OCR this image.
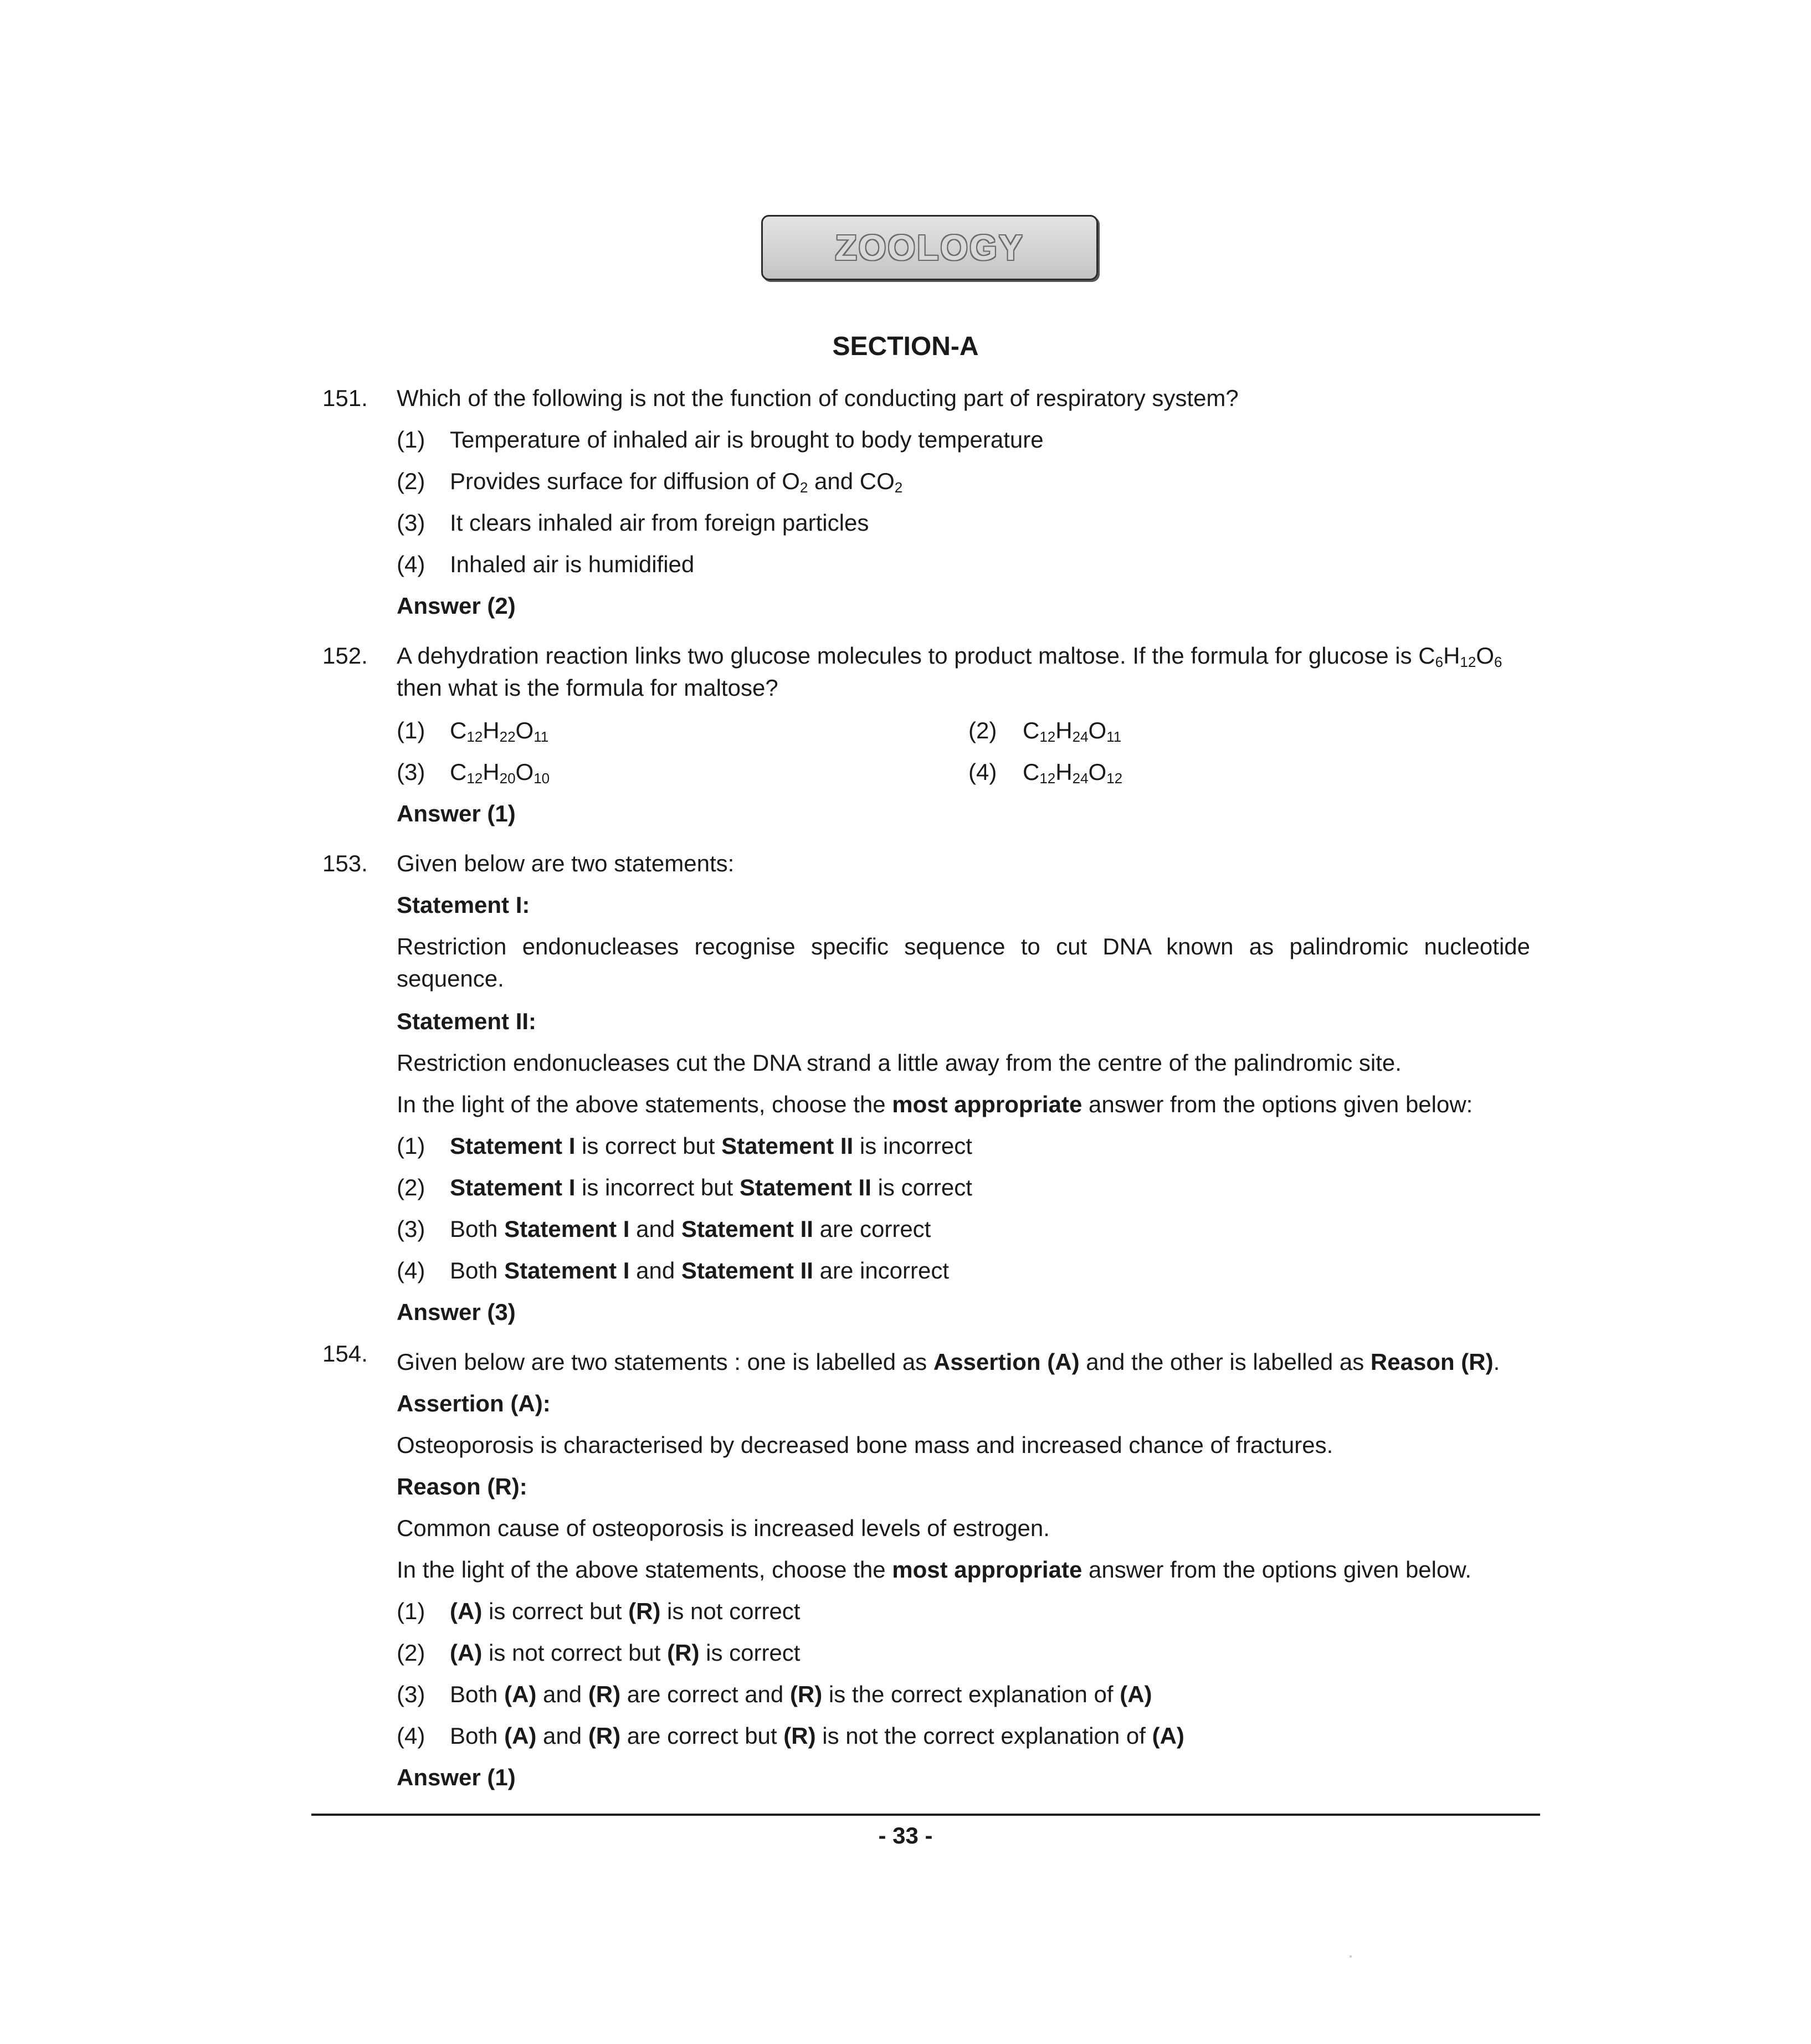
ZOOLOGY
SECTION-A
151. Which of the following is not the function of conducting part of respiratory system?
(1) Temperature of inhaled air is brought to body temperature
(2) Provides surface for diffusion of $O_2$ and $CO_2$
(3) It clears inhaled air from foreign particles
(4) Inhaled air is humidified
Answer (2)
152. A dehydration reaction links two glucose molecules to product maltose. If the formula for glucose is $C_6H_{12}O_6$
then what is the formula for maltose?
(1) $C_{12}H_{22}O_{11}$	(2) $C_{12}H_{24}O_{11}$
(3) $C_{12}H_{20}O_{10}$	(4) $C_{12}H_{24}O_{12}$
Answer (1)
153. Given below are two statements:
Statement I:
Restriction endonucleases recognise specific sequence to cut DNA known as palindromic nucleotide
sequence.
Statement II:
Restriction endonucleases cut the DNA strand a little away from the centre of the palindromic site.
In the light of the above statements, choose the most appropriate answer from the options given below:
(1) Statement I is correct but Statement II is incorrect
(2) Statement I is incorrect but Statement II is correct
(3) Both Statement I and Statement II are correct
(4) Both Statement I and Statement II are incorrect
Answer (3)
154. Given below are two statements : one is labelled as Assertion (A) and the other is labelled as Reason (R).
Assertion (A):
Osteoporosis is characterised by decreased bone mass and increased chance of fractures.
Reason (R):
Common cause of osteoporosis is increased levels of estrogen.
In the light of the above statements, choose the most appropriate answer from the options given below.
(1) (A) is correct but (R) is not correct
(2) (A) is not correct but (R) is correct
(3) Both (A) and (R) are correct and (R) is the correct explanation of (A)
(4) Both (A) and (R) are correct but (R) is not the correct explanation of (A)
Answer (1)
- 33 -
